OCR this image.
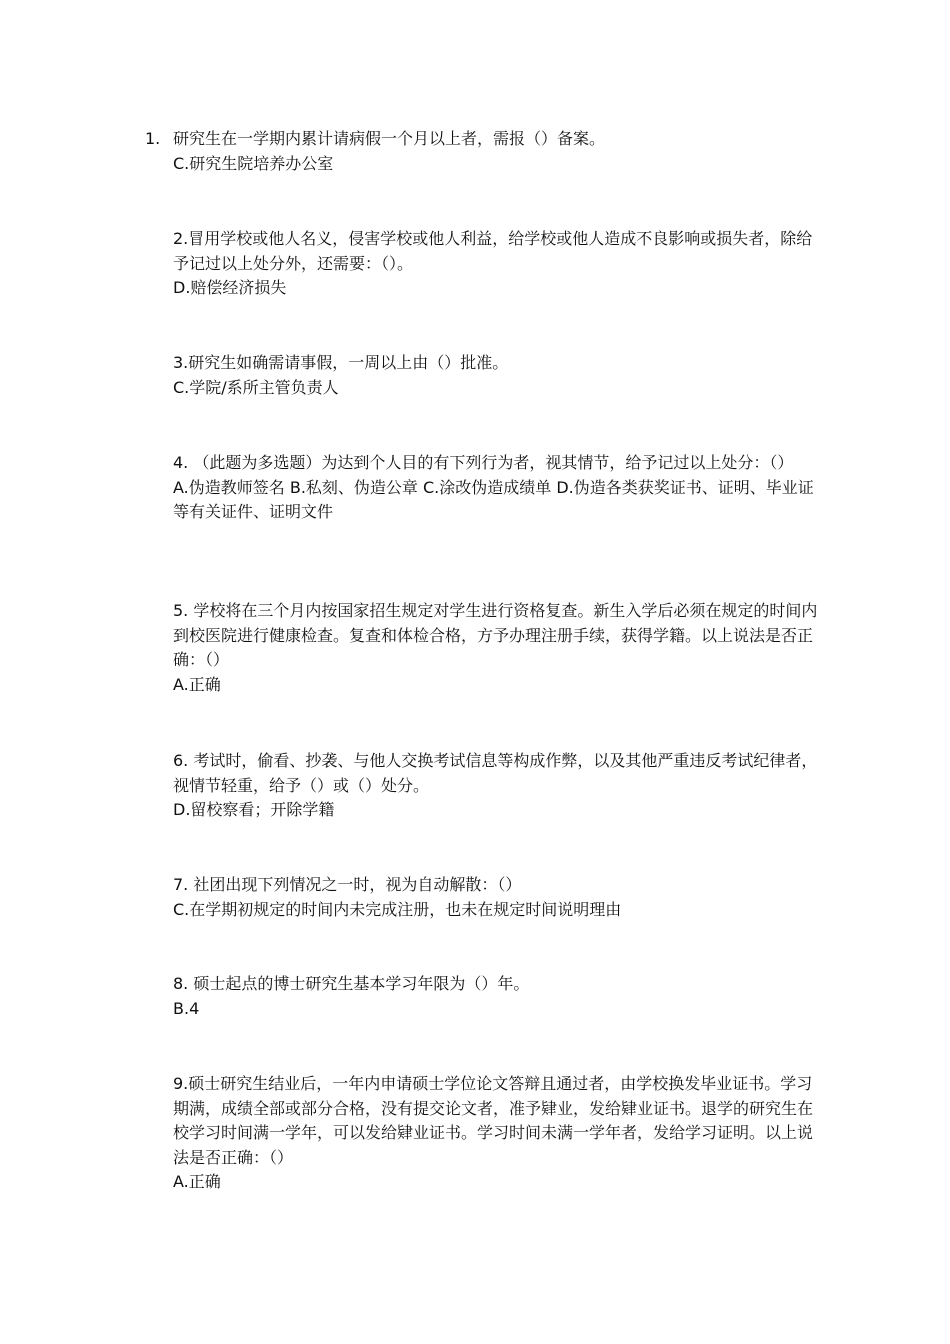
1. 研究生在一学期内累计请病假一个月以上者，需报（）备案。
C.研究生院培养办公室
2.冒用学校或他人名义，侵害学校或他人利益，给学校或他人造成不良影响或损失者，除给予记过以上处分外，还需要：（）。
D.赔偿经济损失
3.研究生如确需请事假，一周以上由（）批准。
C.学院/系所主管负责人
4. （此题为多选题）为达到个人目的有下列行为者，视其情节，给予记过以上处分：（）
A.伪造教师签名 B.私刻、伪造公章 C.涂改伪造成绩单 D.伪造各类获奖证书、证明、毕业证等有关证件、证明文件
5. 学校将在三个月内按国家招生规定对学生进行资格复查。新生入学后必须在规定的时间内到校医院进行健康检查。复查和体检合格，方予办理注册手续，获得学籍。以上说法是否正确：（）
A.正确
6. 考试时，偷看、抄袭、与他人交换考试信息等构成作弊，以及其他严重违反考试纪律者，视情节轻重，给予（）或（）处分。
D.留校察看；开除学籍
7. 社团出现下列情况之一时，视为自动解散：（）
C.在学期初规定的时间内未完成注册，也未在规定时间说明理由
8. 硕士起点的博士研究生基本学习年限为（）年。
B.4
9.硕士研究生结业后，一年内申请硕士学位论文答辩且通过者，由学校换发毕业证书。学习期满，成绩全部或部分合格，没有提交论文者，准予肄业，发给肄业证书。退学的研究生在校学习时间满一学年，可以发给肄业证书。学习时间未满一学年者，发给学习证明。以上说法是否正确：（）
A.正确
